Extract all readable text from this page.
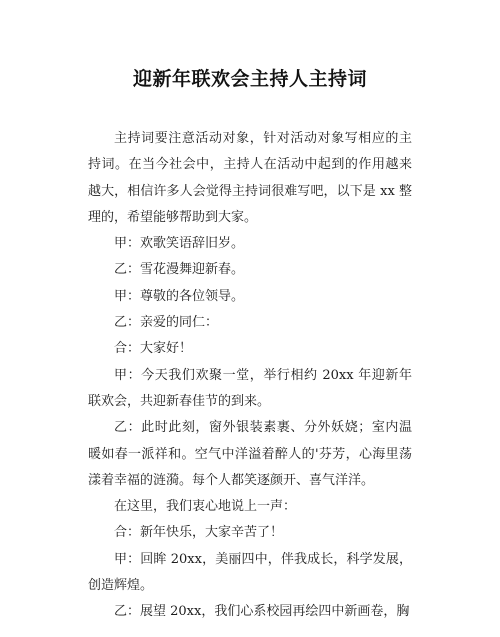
迎新年联欢会主持人主持词

主持词要注意活动对象，针对活动对象写相应的主持词。在当今社会中，主持人在活动中起到的作用越来越大，相信许多人会觉得主持词很难写吧，以下是 xx 整理的，希望能够帮助到大家。

甲：欢歌笑语辞旧岁。

乙：雪花漫舞迎新春。

甲：尊敬的各位领导。

乙：亲爱的同仁：

合：大家好！

甲：今天我们欢聚一堂，举行相约 20xx 年迎新年联欢会，共迎新春佳节的到来。

乙：此时此刻，窗外银装素裹、分外妖娆；室内温暖如春一派祥和。空气中洋溢着醉人的'芬芳，心海里荡漾着幸福的涟漪。每个人都笑逐颜开、喜气洋洋。

在这里，我们衷心地说上一声：

合：新年快乐，大家辛苦了！

甲：回眸 20xx，美丽四中，伴我成长，科学发展，创造辉煌。

乙：展望 20xx，我们心系校园再绘四中新画卷，胸
